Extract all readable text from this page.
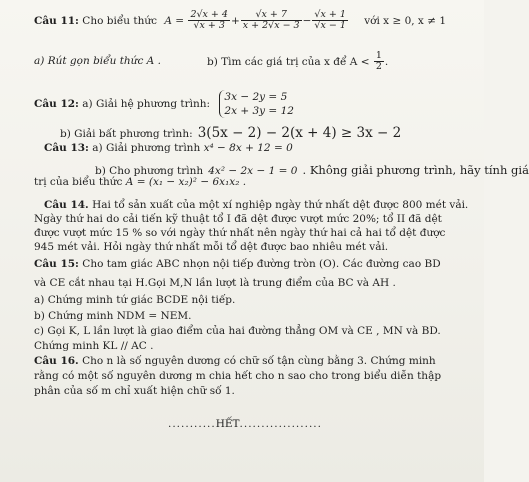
Câu 11: Cho biểu thức $A = \frac{2√x + 4}{√x + 3} + \frac{√x + 7}{x + 2√x - 3} - \frac{√x + 1}{√x - 1}$ với x ≥ 0, x ≠ 1
a) Rút gọn biểu thức A .	b) Tìm các giá trị của x để $A < \frac{1}{2}$ .
Câu 12: a) Giải hệ phương trình:
3x − 2y = 5
2x + 3y = 12
b) Giải bất phương trình: 3(5x − 2) − 2(x + 4) ≥ 3x − 2
Câu 13: a) Giải phương trình x⁴ − 8x + 12 = 0
b) Cho phương trình 4x² − 2x − 1 = 0 . Không giải phương trình, hãy tính giá
trị của biểu thức A = (x₁ − x₂)² − 6x₁x₂ .
Câu 14. Hai tổ sản xuất của một xí nghiệp ngày thứ nhất dệt được 800 mét vải.
Ngày thứ hai do cải tiến kỹ thuật tổ I đã dệt được vượt mức 20%; tổ II đã dệt
được vượt mức 15 % so với ngày thứ nhất nên ngày thứ hai cả hai tổ dệt được
945 mét vải. Hỏi ngày thứ nhất mỗi tổ dệt được bao nhiêu mét vải.
Câu 15: Cho tam giác ABC nhọn nội tiếp đường tròn (O). Các đường cao BD
và CE cắt nhau tại H.Gọi M,N lần lượt là trung điểm của BC và AH .
a) Chứng minh tứ giác BCDE nội tiếp.
b) Chứng minh NDM = NEM.
c) Gọi K, L lần lượt là giao điểm của hai đường thẳng OM và CE , MN và BD.
Chứng minh KL // AC .
Câu 16. Cho n là số nguyên dương có chữ số tận cùng bằng 3. Chứng minh
rằng có một số nguyên dương m chia hết cho n sao cho trong biểu diễn thập
phân của số m chỉ xuất hiện chữ số 1.
...........HẾT...................
